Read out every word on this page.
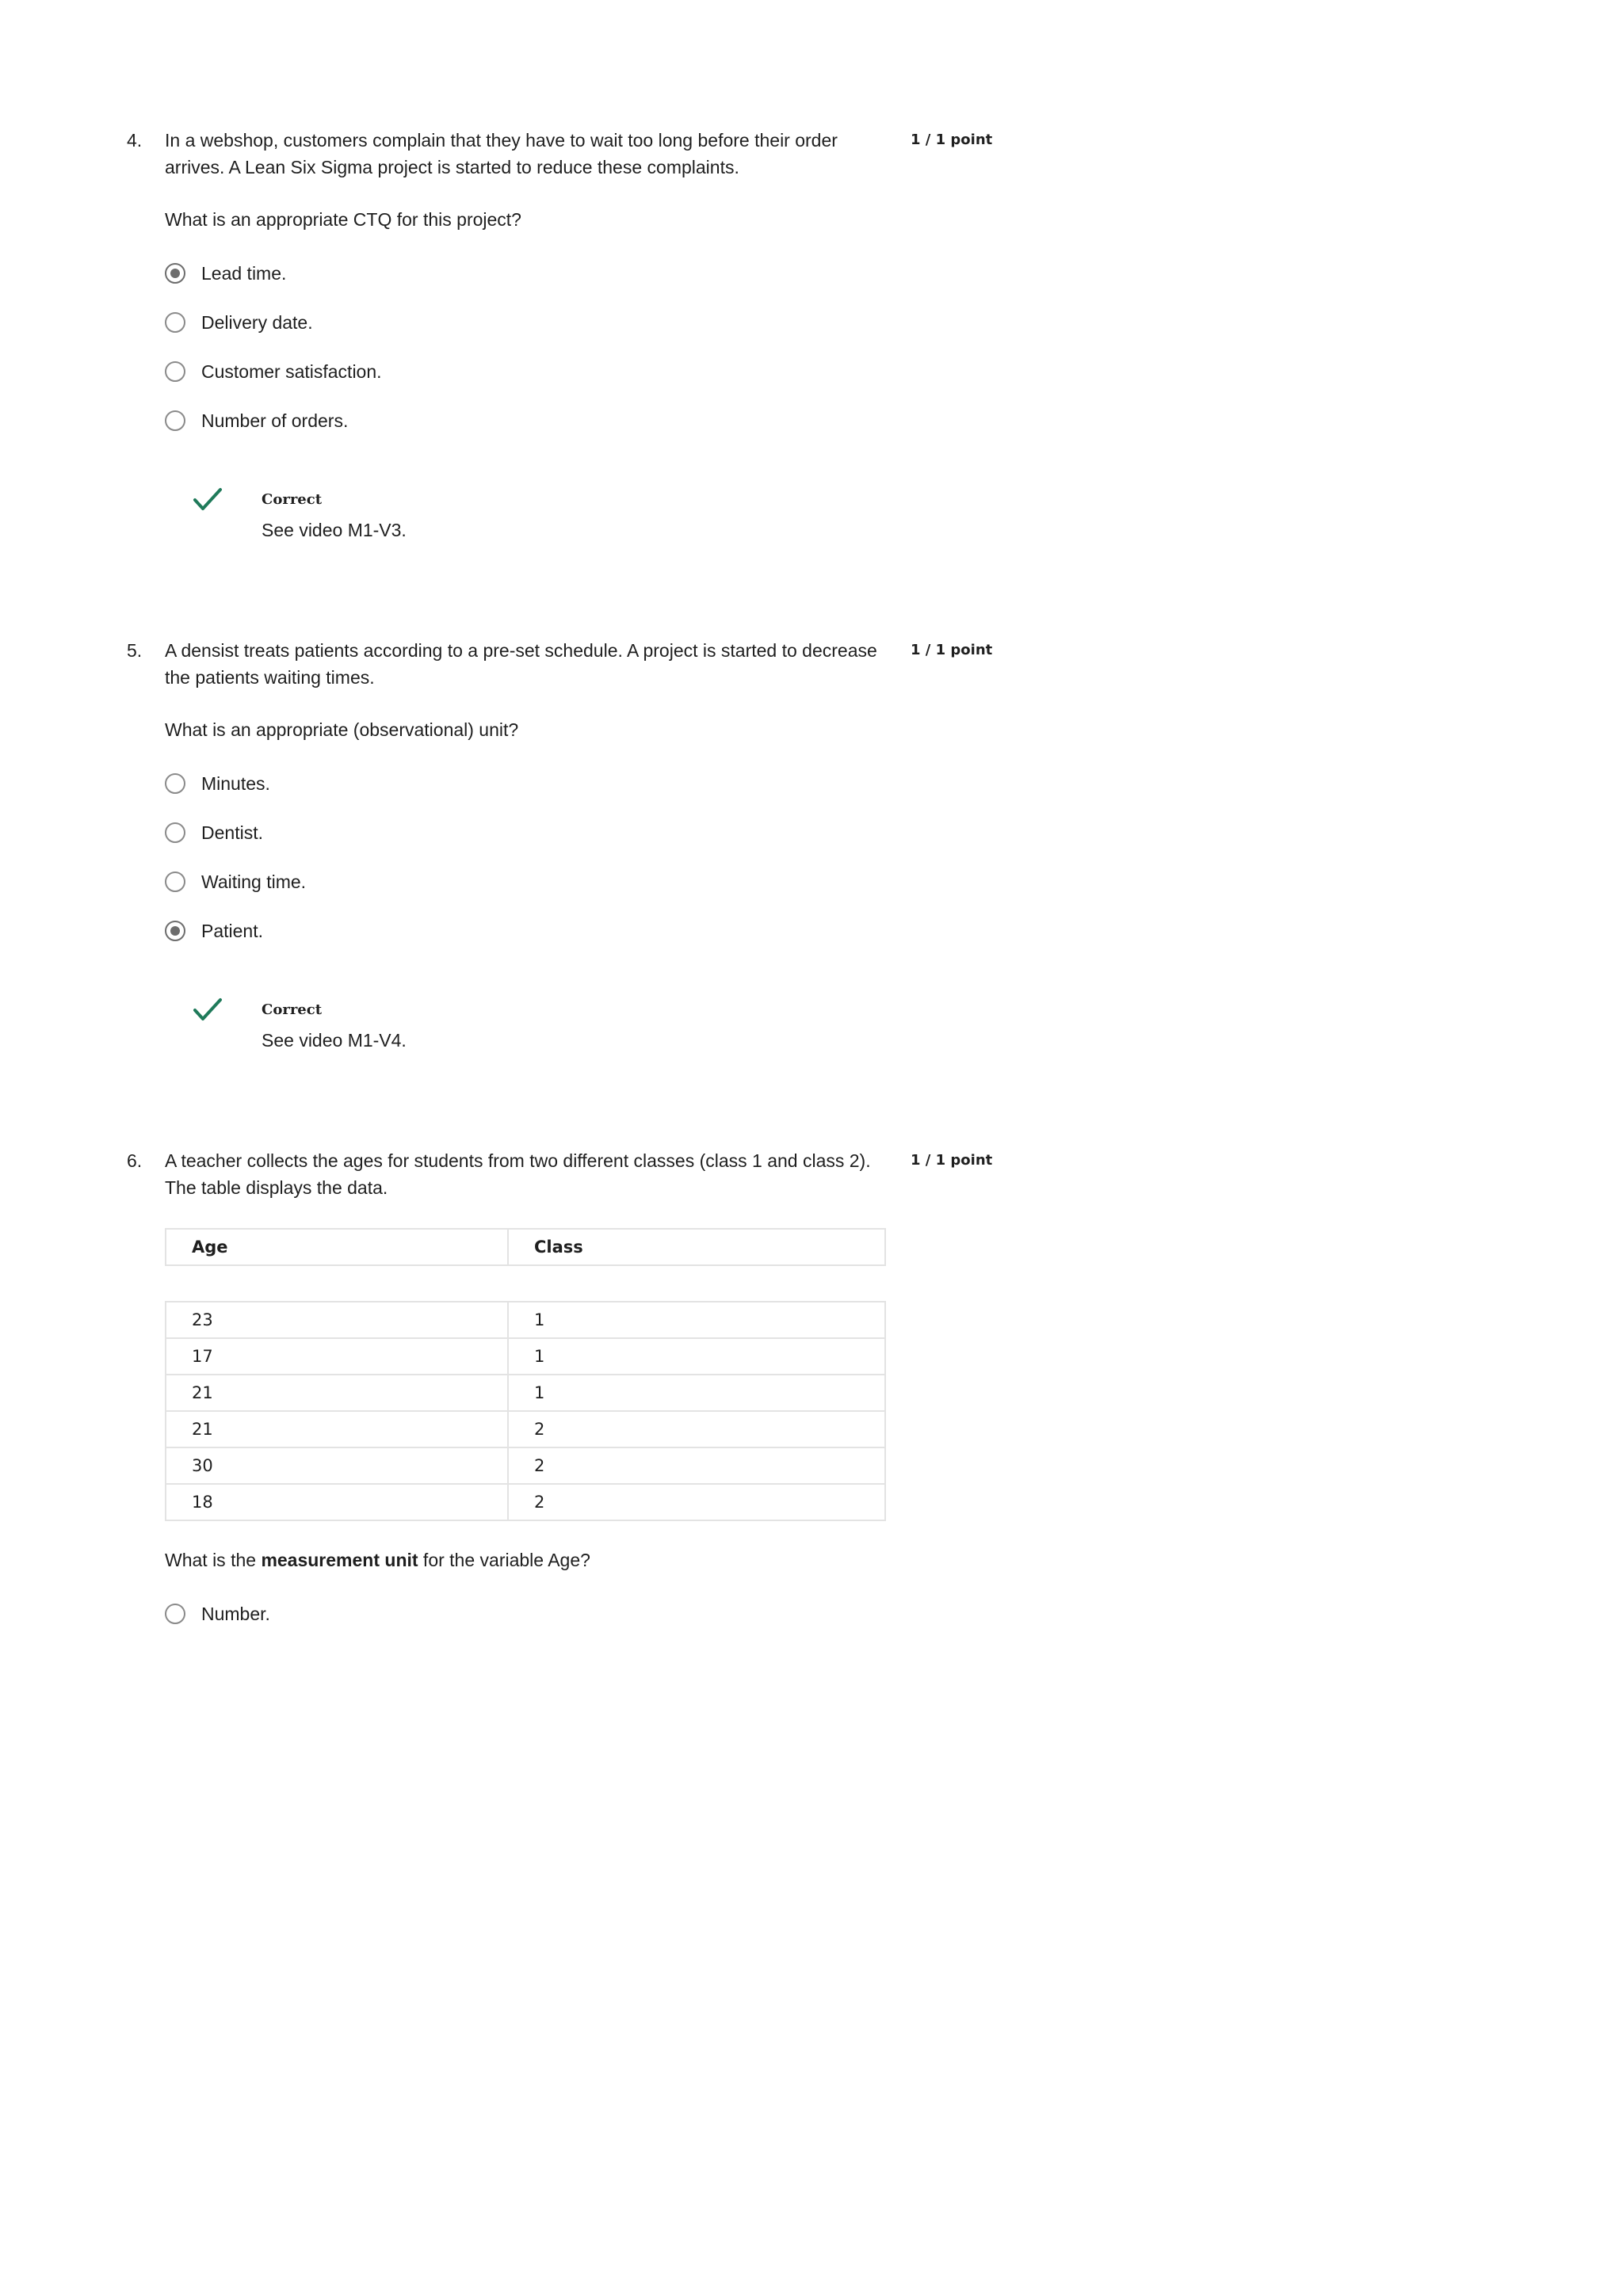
4.	1 / 1 point

In a webshop, customers complain that they have to wait too long before their order arrives. A Lean Six Sigma project is started to reduce these complaints.

What is an appropriate CTQ for this project?

Lead time.
Delivery date.
Customer satisfaction.
Number of orders.
Correct
See video M1-V3.
5.	1 / 1 point

A densist treats patients according to a pre-set schedule. A project is started to decrease the patients waiting times.

What is an appropriate (observational) unit?

Minutes.
Dentist.
Waiting time.
Patient.
Correct
See video M1-V4.
6.	1 / 1 point

A teacher collects the ages for students from two different classes (class 1 and class 2). The table displays the data.

Age	Class
23	1
17	1
21	1
21	2
30	2
18	2

What is the measurement unit for the variable Age?

Number.
